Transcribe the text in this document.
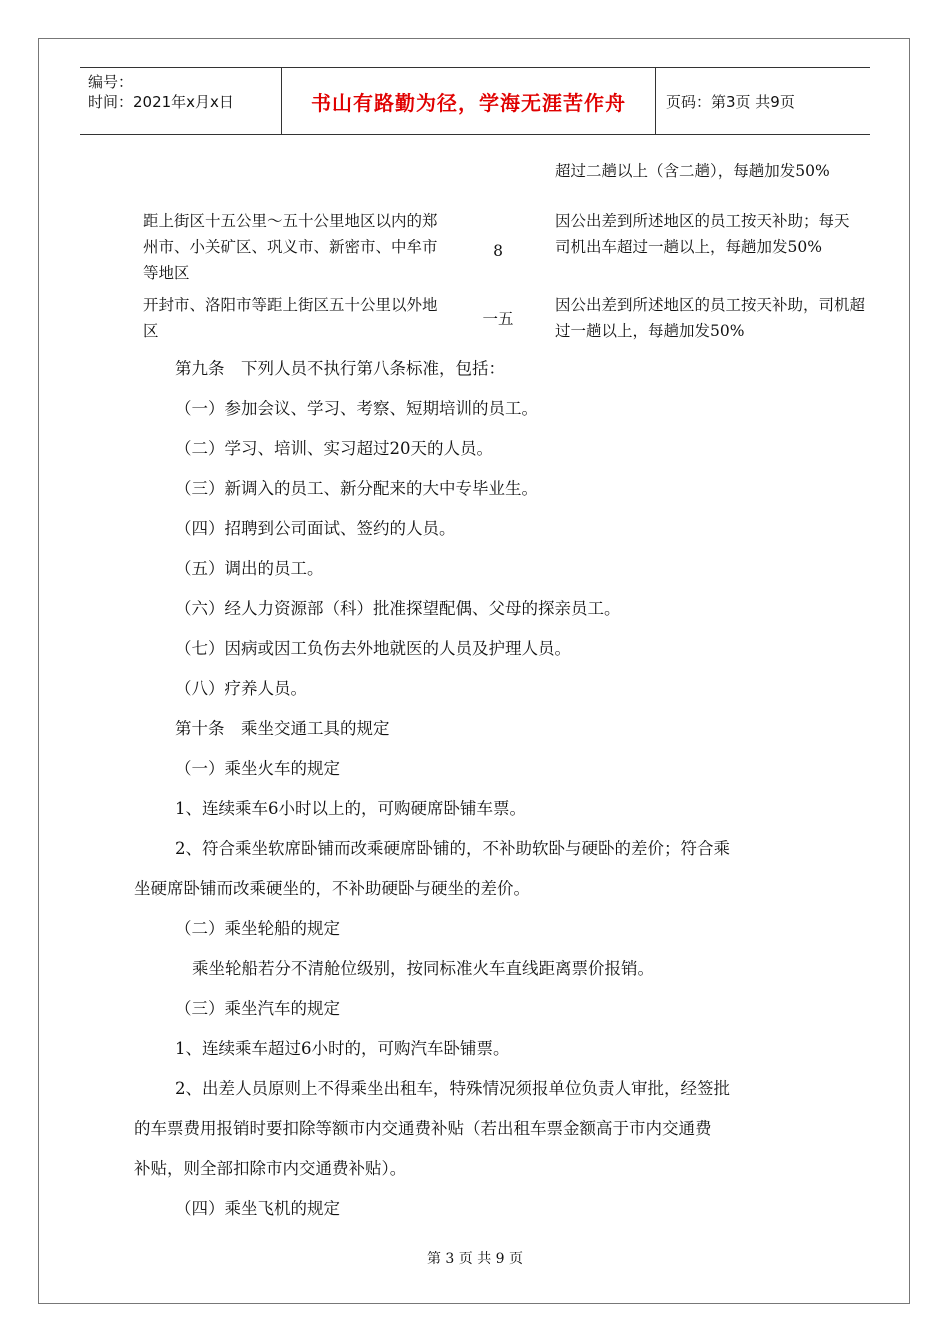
编号：
时间：2021年x月x日	书山有路勤为径，学海无涯苦作舟	页码：第3页 共9页
超过二趟以上（含二趟），每趟加发50%
距上街区十五公里～五十公里地区以内的郑州市、小关矿区、巩义市、新密市、中牟市等地区
8
因公出差到所述地区的员工按天补助；每天司机出车超过一趟以上，每趟加发50%
开封市、洛阳市等距上街区五十公里以外地区
一五
因公出差到所述地区的员工按天补助，司机超过一趟以上，每趟加发50%
第九条　下列人员不执行第八条标准，包括：
（一）参加会议、学习、考察、短期培训的员工。
（二）学习、培训、实习超过20天的人员。
（三）新调入的员工、新分配来的大中专毕业生。
（四）招聘到公司面试、签约的人员。
（五）调出的员工。
（六）经人力资源部（科）批准探望配偶、父母的探亲员工。
（七）因病或因工负伤去外地就医的人员及护理人员。
（八）疗养人员。
第十条　乘坐交通工具的规定
（一）乘坐火车的规定
1、连续乘车6小时以上的，可购硬席卧铺车票。
2、符合乘坐软席卧铺而改乘硬席卧铺的，不补助软卧与硬卧的差价；符合乘
坐硬席卧铺而改乘硬坐的，不补助硬卧与硬坐的差价。
（二）乘坐轮船的规定
乘坐轮船若分不清舱位级别，按同标准火车直线距离票价报销。
（三）乘坐汽车的规定
1、连续乘车超过6小时的，可购汽车卧铺票。
2、出差人员原则上不得乘坐出租车，特殊情况须报单位负责人审批，经签批
的车票费用报销时要扣除等额市内交通费补贴（若出租车票金额高于市内交通费
补贴，则全部扣除市内交通费补贴）。
（四）乘坐飞机的规定
第 3 页 共 9 页
